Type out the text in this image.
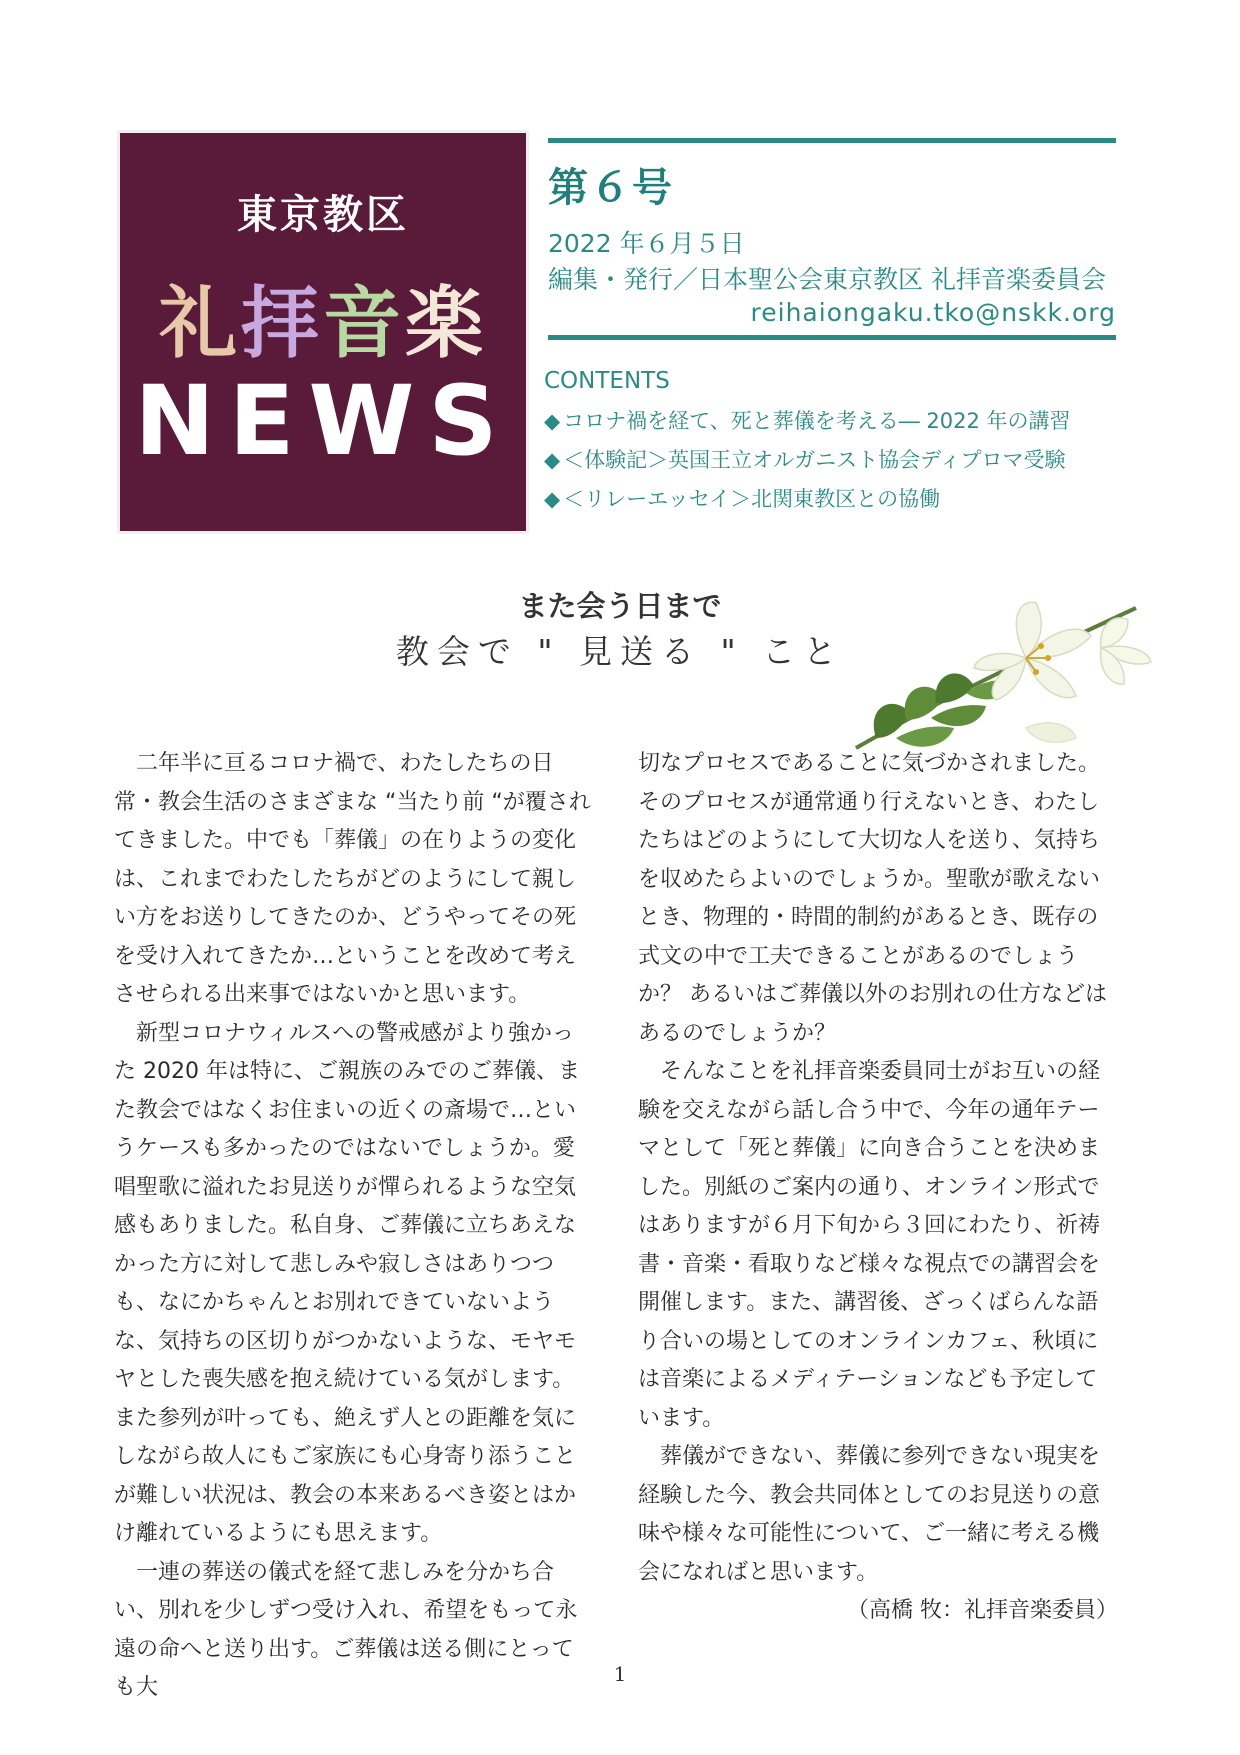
東京教区
礼拝音楽
NEWS
第６号
2022 年６月５日
編集・発行／日本聖公会東京教区 礼拝音楽委員会
reihaiongaku.tko@nskk.org
CONTENTS
◆ コロナ禍を経て、死と葬儀を考える― 2022 年の講習
◆ ＜体験記＞英国王立オルガニスト協会ディプロマ受験
◆ ＜リレーエッセイ＞北関東教区との協働
また会う日まで
教会で " 見送る " こと

二年半に亘るコロナ禍で、わたしたちの日常・教会生活のさまざまな “当たり前 “が覆されてきました。中でも「葬儀」の在りようの変化は、これまでわたしたちがどのようにして親しい方をお送りしてきたのか、どうやってその死を受け入れてきたか…ということを改めて考えさせられる出来事ではないかと思います。

新型コロナウィルスへの警戒感がより強かった 2020 年は特に、ご親族のみでのご葬儀、また教会ではなくお住まいの近くの斎場で…というケースも多かったのではないでしょうか。愛唱聖歌に溢れたお見送りが憚られるような空気感もありました。私自身、ご葬儀に立ちあえなかった方に対して悲しみや寂しさはありつつも、なにかちゃんとお別れできていないような、気持ちの区切りがつかないような、モヤモヤとした喪失感を抱え続けている気がします。また参列が叶っても、絶えず人との距離を気にしながら故人にもご家族にも心身寄り添うことが難しい状況は、教会の本来あるべき姿とはかけ離れているようにも思えます。

一連の葬送の儀式を経て悲しみを分かち合い、別れを少しずつ受け入れ、希望をもって永遠の命へと送り出す。ご葬儀は送る側にとっても大

切なプロセスであることに気づかされました。そのプロセスが通常通り行えないとき、わたしたちはどのようにして大切な人を送り、気持ちを収めたらよいのでしょうか。聖歌が歌えないとき、物理的・時間的制約があるとき、既存の式文の中で工夫できることがあるのでしょうか？ あるいはご葬儀以外のお別れの仕方などはあるのでしょうか？

そんなことを礼拝音楽委員同士がお互いの経験を交えながら話し合う中で、今年の通年テーマとして「死と葬儀」に向き合うことを決めました。別紙のご案内の通り、オンライン形式ではありますが６月下旬から３回にわたり、祈祷書・音楽・看取りなど様々な視点での講習会を開催します。また、講習後、ざっくばらんな語り合いの場としてのオンラインカフェ、秋頃には音楽によるメディテーションなども予定しています。

葬儀ができない、葬儀に参列できない現実を経験した今、教会共同体としてのお見送りの意味や様々な可能性について、ご一緒に考える機会になればと思います。

（高橋 牧：礼拝音楽委員）

1
